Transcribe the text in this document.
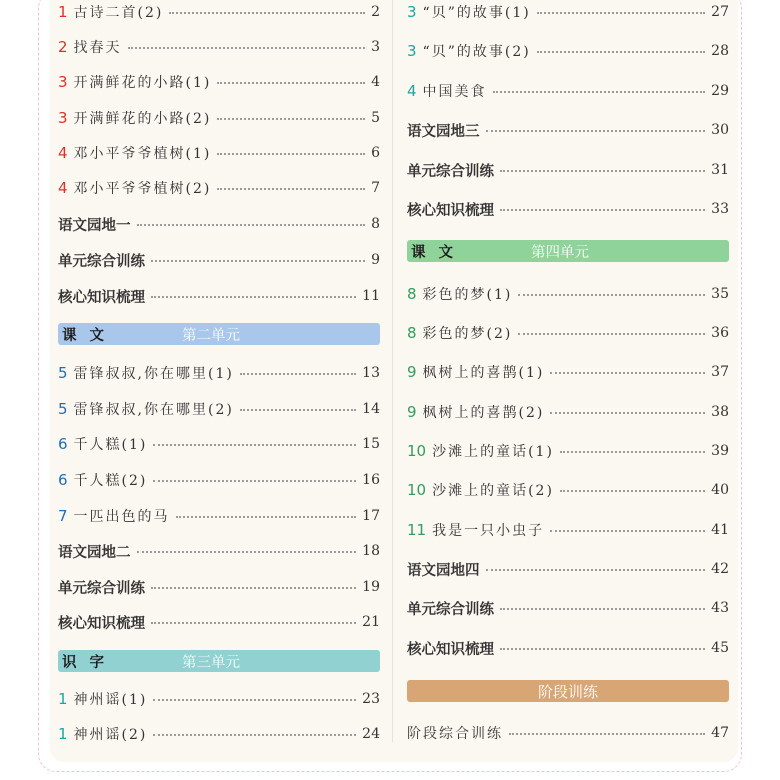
1 古诗二首(2)	2
2 找春天	3
3 开满鲜花的小路(1)	4
3 开满鲜花的小路(2)	5
4 邓小平爷爷植树(1)	6
4 邓小平爷爷植树(2)	7
语文园地一	8
单元综合训练	9
核心知识梳理	11
课 文	第二单元
5 雷锋叔叔,你在哪里(1)	13
5 雷锋叔叔,你在哪里(2)	14
6 千人糕(1)	15
6 千人糕(2)	16
7 一匹出色的马	17
语文园地二	18
单元综合训练	19
核心知识梳理	21
识 字	第三单元
1 神州谣(1)	23
1 神州谣(2)	24
3 “贝”的故事(1)	27
3 “贝”的故事(2)	28
4 中国美食	29
语文园地三	30
单元综合训练	31
核心知识梳理	33
课 文	第四单元
8 彩色的梦(1)	35
8 彩色的梦(2)	36
9 枫树上的喜鹊(1)	37
9 枫树上的喜鹊(2)	38
10 沙滩上的童话(1)	39
10 沙滩上的童话(2)	40
11 我是一只小虫子	41
语文园地四	42
单元综合训练	43
核心知识梳理	45
阶段训练
阶段综合训练	47
